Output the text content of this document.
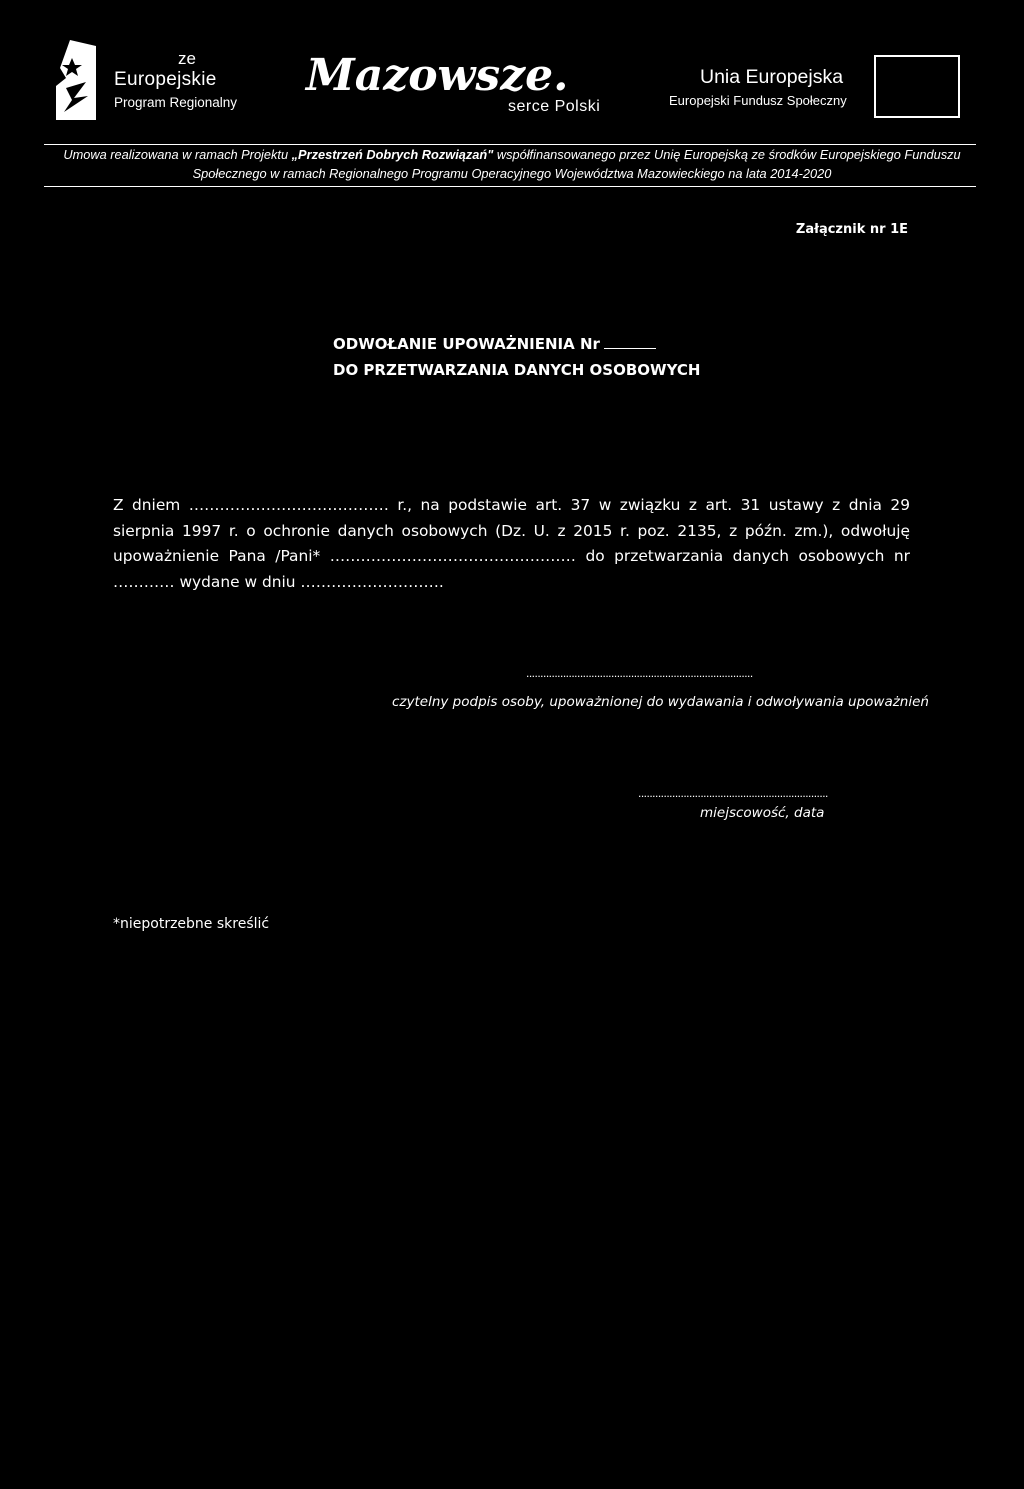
ze
Europejskie
Program Regionalny
Mazowsze.
serce Polski
Unia Europejska
Europejski Fundusz Społeczny
Umowa realizowana w ramach Projektu „Przestrzeń Dobrych Rozwiązań" współfinansowanego przez Unię Europejską ze środków Europejskiego Funduszu Społecznego w ramach Regionalnego Programu Operacyjnego Województwa Mazowieckiego na lata 2014-2020
Załącznik nr 1E
ODWOŁANIE UPOWAŻNIENIA Nr
DO PRZETWARZANIA DANYCH OSOBOWYCH
Z dniem ………………………………… r., na podstawie art. 37 w związku z art. 31 ustawy z dnia 29 sierpnia 1997 r. o ochronie danych osobowych (Dz. U. z 2015 r. poz. 2135, z późn. zm.), odwołuję upoważnienie Pana /Pani* ………………………………………… do przetwarzania danych osobowych nr ………… wydane w dniu ……………………….
................................................................................
czytelny podpis osoby, upoważnionej do wydawania i odwoływania upoważnień
...................................................................
miejscowość, data
*niepotrzebne skreślić
